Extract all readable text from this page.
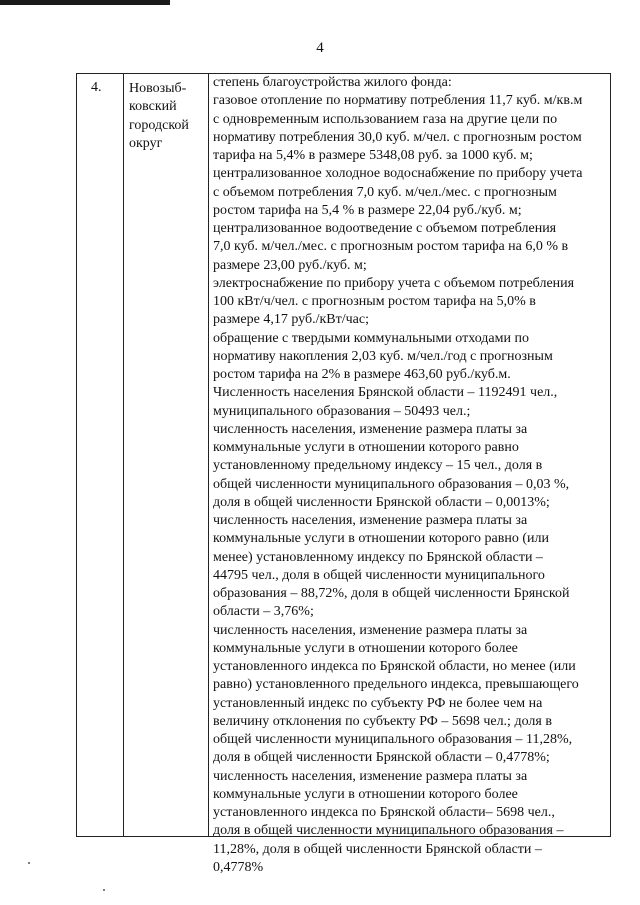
4
4.	Новозыб-
ковский
городской
округ
степень благоустройства жилого фонда:
газовое отопление по нормативу потребления 11,7 куб. м/кв.м
с одновременным использованием газа на другие цели по
нормативу потребления 30,0 куб. м/чел. с прогнозным ростом
тарифа на 5,4% в размере 5348,08 руб. за 1000 куб. м;
централизованное холодное водоснабжение по прибору учета
с объемом потребления 7,0 куб. м/чел./мес. с прогнозным
ростом тарифа на 5,4 % в размере 22,04 руб./куб. м;
централизованное водоотведение с объемом потребления
7,0 куб. м/чел./мес. с прогнозным ростом тарифа на 6,0 % в
размере 23,00 руб./куб. м;
электроснабжение по прибору учета с объемом потребления
100 кВт/ч/чел. с прогнозным ростом тарифа на 5,0% в
размере 4,17 руб./кВт/час;
обращение с твердыми коммунальными отходами по
нормативу накопления 2,03 куб. м/чел./год с прогнозным
ростом тарифа на 2% в размере 463,60 руб./куб.м.
Численность населения Брянской области – 1192491 чел.,
муниципального образования – 50493 чел.;
численность населения, изменение размера платы за
коммунальные услуги в отношении которого равно
установленному предельному индексу – 15 чел., доля в
общей численности муниципального образования – 0,03 %,
доля в общей численности Брянской области – 0,0013%;
численность населения, изменение размера платы за
коммунальные услуги в отношении которого равно (или
менее) установленному индексу по Брянской области –
44795 чел., доля в общей численности муниципального
образования – 88,72%, доля в общей численности Брянской
области – 3,76%;
численность населения, изменение размера платы за
коммунальные услуги в отношении которого более
установленного индекса по Брянской области, но менее (или
равно) установленного предельного индекса, превышающего
установленный индекс по субъекту РФ не более чем на
величину отклонения по субъекту РФ – 5698 чел.; доля в
общей численности муниципального образования – 11,28%,
доля в общей численности Брянской области – 0,4778%;
численность населения, изменение размера платы за
коммунальные услуги в отношении которого более
установленного индекса по Брянской области– 5698 чел.,
доля в общей численности муниципального образования –
11,28%, доля в общей численности Брянской области –
0,4778%
